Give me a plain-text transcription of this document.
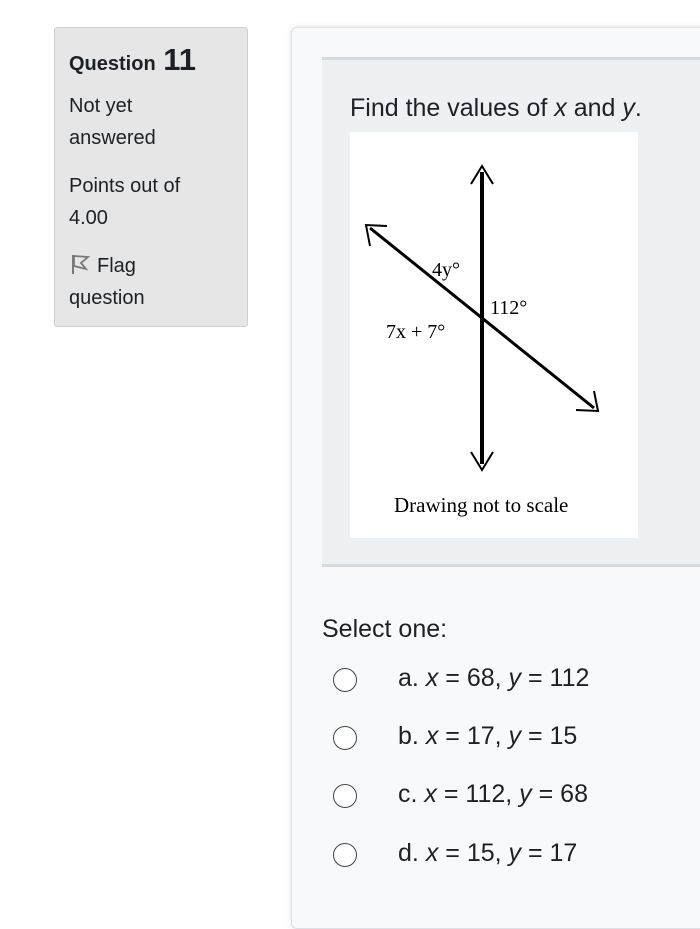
Question 11
Not yet
answered
Points out of
4.00
Flag
question
Find the values of x and y.
4y°
112°
7x + 7°
Drawing not to scale
Select one:
a. x = 68, y = 112
b. x = 17, y = 15
c. x = 112, y = 68
d. x = 15, y = 17
